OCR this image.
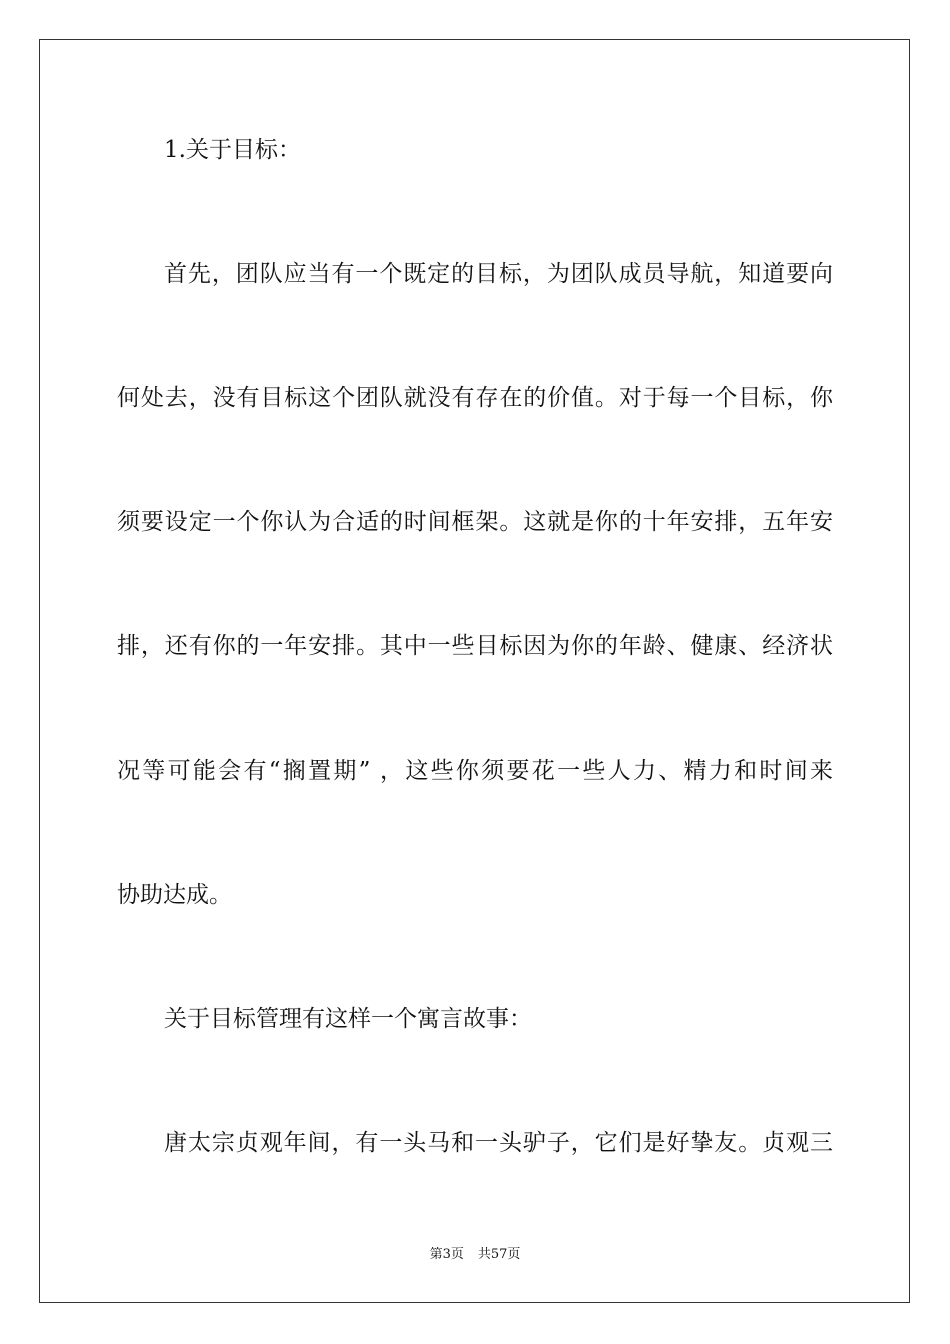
1.关于目标：
首先，团队应当有一个既定的目标，为团队成员导航，知道要向
何处去，没有目标这个团队就没有存在的价值。对于每一个目标，你
须要设定一个你认为合适的时间框架。这就是你的十年安排，五年安
排，还有你的一年安排。其中一些目标因为你的年龄、健康、经济状
况等可能会有“搁置期” ，这些你须要花一些人力、精力和时间来
协助达成。
关于目标管理有这样一个寓言故事：
唐太宗贞观年间，有一头马和一头驴子，它们是好挚友。贞观三
第3页 共57页
